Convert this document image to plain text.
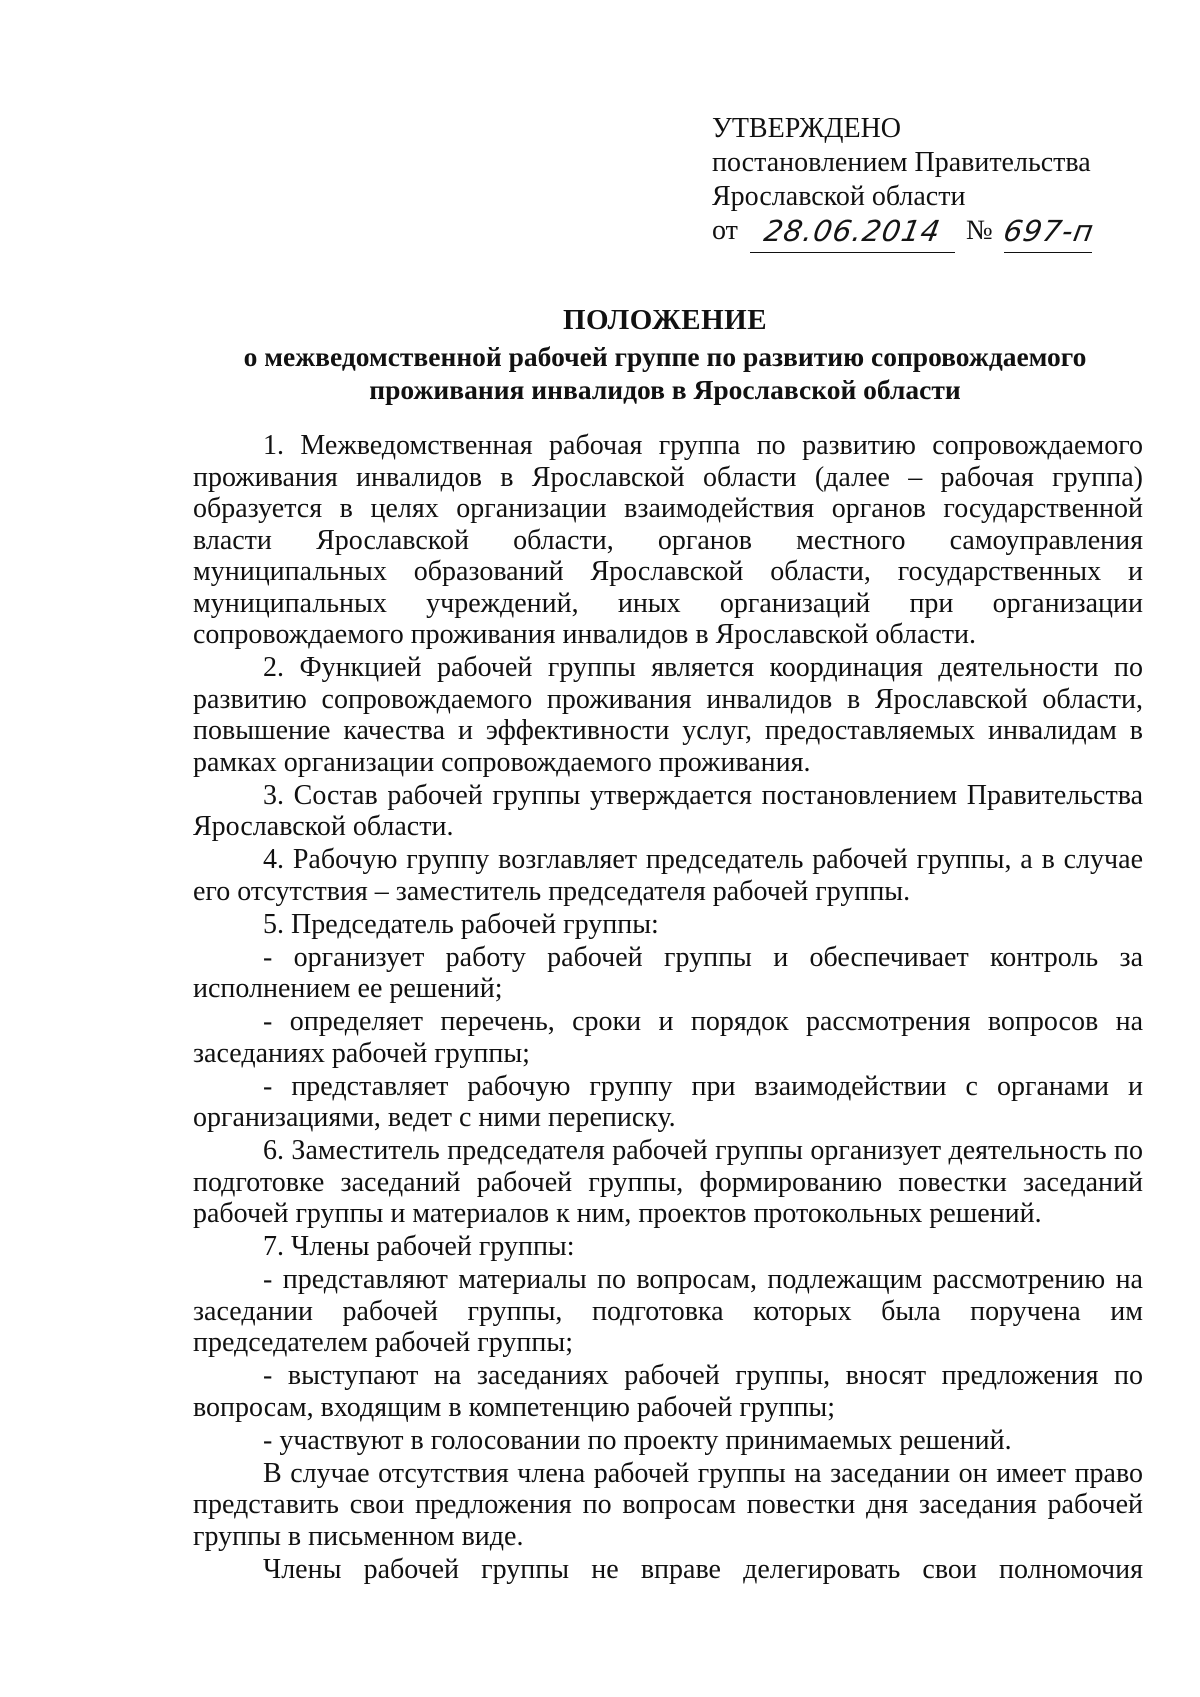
УТВЕРЖДЕНО
постановлением Правительства
Ярославской области
от 28.06.2014 № 697-п
ПОЛОЖЕНИЕ
о межведомственной рабочей группе по развитию сопровождаемого проживания инвалидов в Ярославской области

1. Межведомственная рабочая группа по развитию сопровождаемого проживания инвалидов в Ярославской области (далее – рабочая группа) образуется в целях организации взаимодействия органов государственной власти Ярославской области, органов местного самоуправления муниципальных образований Ярославской области, государственных и муниципальных учреждений, иных организаций при организации сопровождаемого проживания инвалидов в Ярославской области.

2. Функцией рабочей группы является координация деятельности по развитию сопровождаемого проживания инвалидов в Ярославской области, повышение качества и эффективности услуг, предоставляемых инвалидам в рамках организации сопровождаемого проживания.

3. Состав рабочей группы утверждается постановлением Правительства Ярославской области.

4. Рабочую группу возглавляет председатель рабочей группы, а в случае его отсутствия – заместитель председателя рабочей группы.

5. Председатель рабочей группы:

- организует работу рабочей группы и обеспечивает контроль за исполнением ее решений;

- определяет перечень, сроки и порядок рассмотрения вопросов на заседаниях рабочей группы;

- представляет рабочую группу при взаимодействии с органами и организациями, ведет с ними переписку.

6. Заместитель председателя рабочей группы организует деятельность по подготовке заседаний рабочей группы, формированию повестки заседаний рабочей группы и материалов к ним, проектов протокольных решений.

7. Члены рабочей группы:

- представляют материалы по вопросам, подлежащим рассмотрению на заседании рабочей группы, подготовка которых была поручена им председателем рабочей группы;

- выступают на заседаниях рабочей группы, вносят предложения по вопросам, входящим в компетенцию рабочей группы;

- участвуют в голосовании по проекту принимаемых решений.

В случае отсутствия члена рабочей группы на заседании он имеет право представить свои предложения по вопросам повестки дня заседания рабочей группы в письменном виде.

Члены рабочей группы не вправе делегировать свои полномочия
